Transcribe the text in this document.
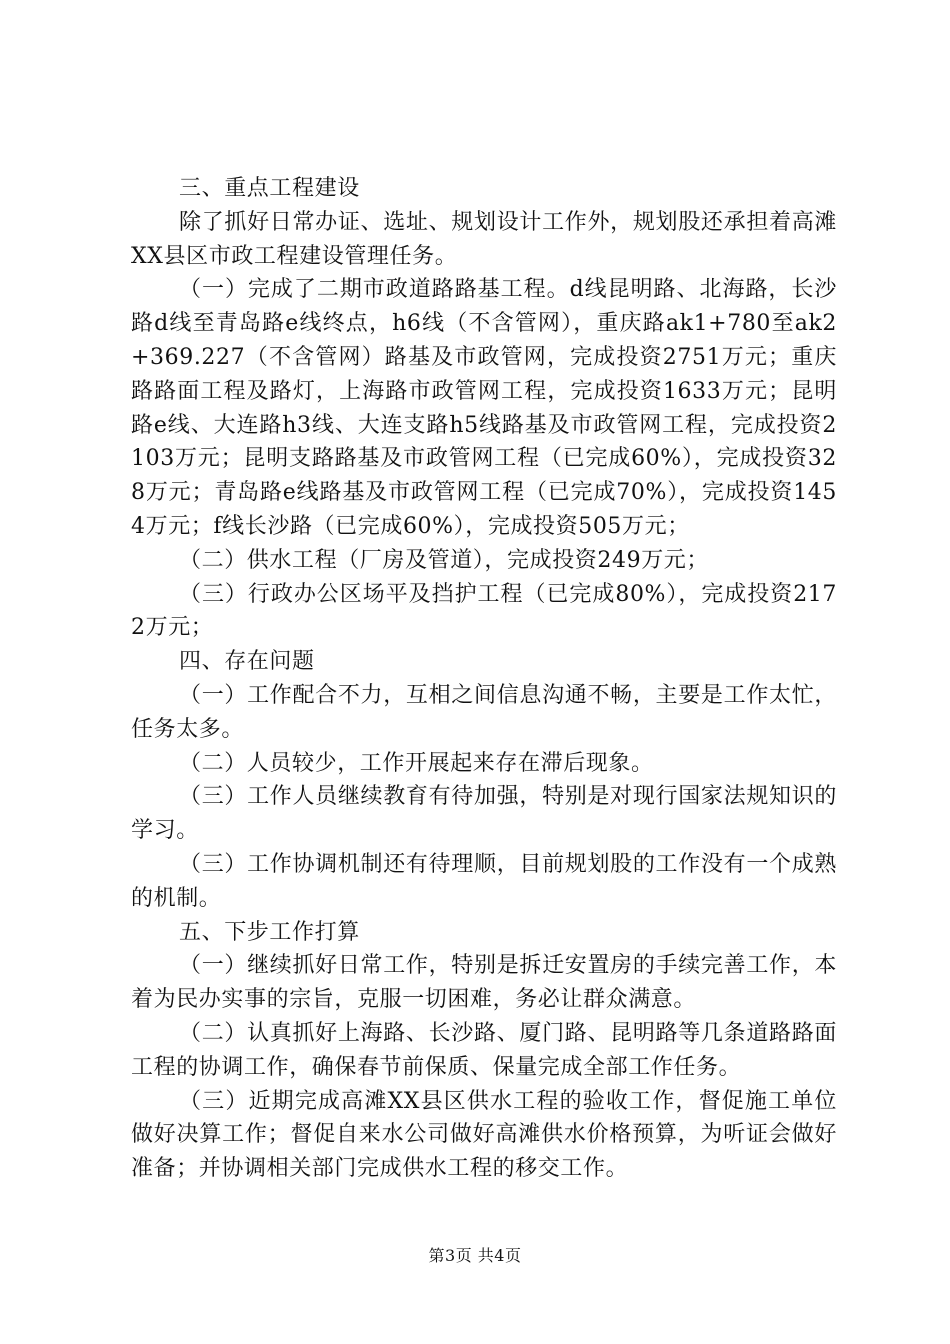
三、重点工程建设

除了抓好日常办证、选址、规划设计工作外，规划股还承担着高滩XX县区市政工程建设管理任务。

（一）完成了二期市政道路路基工程。d线昆明路、北海路，长沙路d线至青岛路e线终点，h6线（不含管网），重庆路ak1+780至ak2+369.227（不含管网）路基及市政管网，完成投资2751万元；重庆路路面工程及路灯，上海路市政管网工程，完成投资1633万元；昆明路e线、大连路h3线、大连支路h5线路基及市政管网工程，完成投资2103万元；昆明支路路基及市政管网工程（已完成60%），完成投资328万元；青岛路e线路基及市政管网工程（已完成70%），完成投资1454万元；f线长沙路（已完成60%），完成投资505万元；

（二）供水工程（厂房及管道），完成投资249万元；

（三）行政办公区场平及挡护工程（已完成80%），完成投资2172万元；

四、存在问题

（一）工作配合不力，互相之间信息沟通不畅，主要是工作太忙，任务太多。

（二）人员较少，工作开展起来存在滞后现象。

（三）工作人员继续教育有待加强，特别是对现行国家法规知识的学习。

（三）工作协调机制还有待理顺，目前规划股的工作没有一个成熟的机制。

五、下步工作打算

（一）继续抓好日常工作，特别是拆迁安置房的手续完善工作，本着为民办实事的宗旨，克服一切困难，务必让群众满意。

（二）认真抓好上海路、长沙路、厦门路、昆明路等几条道路路面工程的协调工作，确保春节前保质、保量完成全部工作任务。

（三）近期完成高滩XX县区供水工程的验收工作，督促施工单位做好决算工作；督促自来水公司做好高滩供水价格预算，为听证会做好准备；并协调相关部门完成供水工程的移交工作。

第3页 共4页
